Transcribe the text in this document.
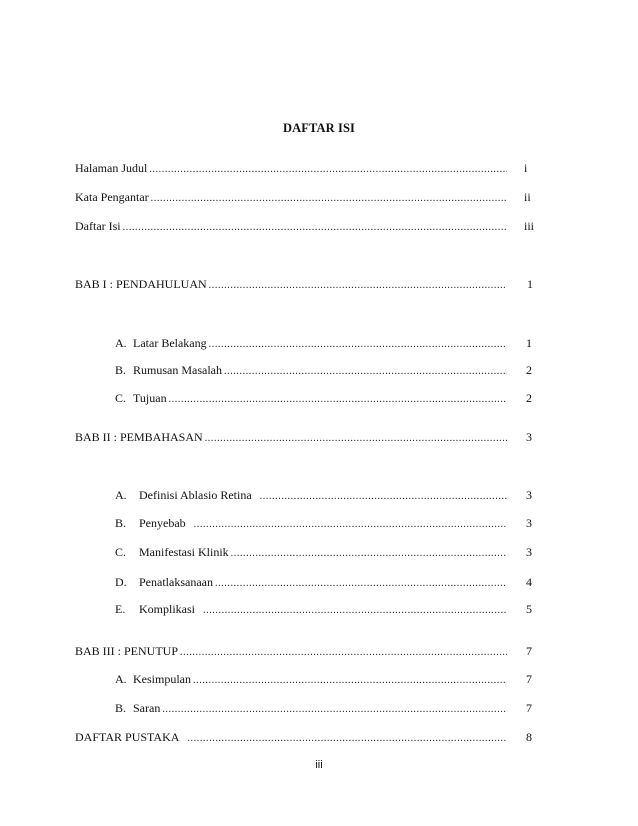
DAFTAR ISI
Halaman Judul .....	i
Kata Pengantar .....	ii
Daftar Isi .....	iii
BAB I : PENDAHULUAN .....	1
A. Latar Belakang .....	1
B. Rumusan Masalah .....	2
C. Tujuan .....	2
BAB II : PEMBAHASAN .....	3
A. Definisi Ablasio Retina .....	3
B. Penyebab .....	3
C. Manifestasi Klinik .....	3
D. Penatlaksanaan .....	4
E. Komplikasi .....	5
BAB III : PENUTUP .....	7
A. Kesimpulan .....	7
B. Saran .....	7
DAFTAR PUSTAKA .....	8
iii
